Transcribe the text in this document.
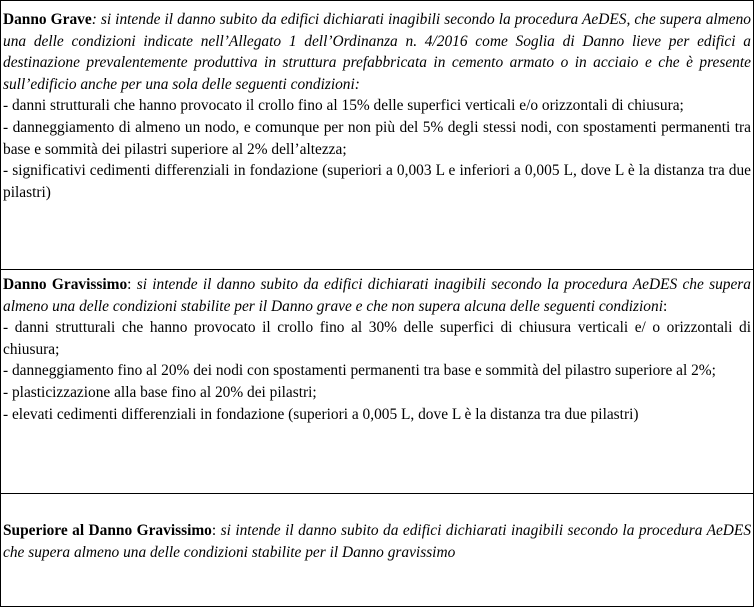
Danno Grave: si intende il danno subito da edifici dichiarati inagibili secondo la procedura AeDES, che supera almeno una delle condizioni indicate nell’Allegato 1 dell’Ordinanza n. 4/2016 come Soglia di Danno lieve per edifici a destinazione prevalentemente produttiva in struttura prefabbricata in cemento armato o in acciaio e che è presente sull’edificio anche per una sola delle seguenti condizioni:

- danni strutturali che hanno provocato il crollo fino al 15% delle superfici verticali e/o orizzontali di chiusura;

- danneggiamento di almeno un nodo, e comunque per non più del 5% degli stessi nodi, con spostamenti permanenti tra base e sommità dei pilastri superiore al 2% dell’altezza;

- significativi cedimenti differenziali in fondazione (superiori a 0,003 L e inferiori a 0,005 L, dove L è la distanza tra due pilastri)

Danno Gravissimo: si intende il danno subito da edifici dichiarati inagibili secondo la procedura AeDES che supera almeno una delle condizioni stabilite per il Danno grave e che non supera alcuna delle seguenti condizioni:

- danni strutturali che hanno provocato il crollo fino al 30% delle superfici di chiusura verticali e/ o orizzontali di chiusura;

- danneggiamento fino al 20% dei nodi con spostamenti permanenti tra base e sommità del pilastro superiore al 2%;

- plasticizzazione alla base fino al 20% dei pilastri;

- elevati cedimenti differenziali in fondazione (superiori a 0,005 L, dove L è la distanza tra due pilastri)

Superiore al Danno Gravissimo: si intende il danno subito da edifici dichiarati inagibili secondo la procedura AeDES che supera almeno una delle condizioni stabilite per il Danno gravissimo
